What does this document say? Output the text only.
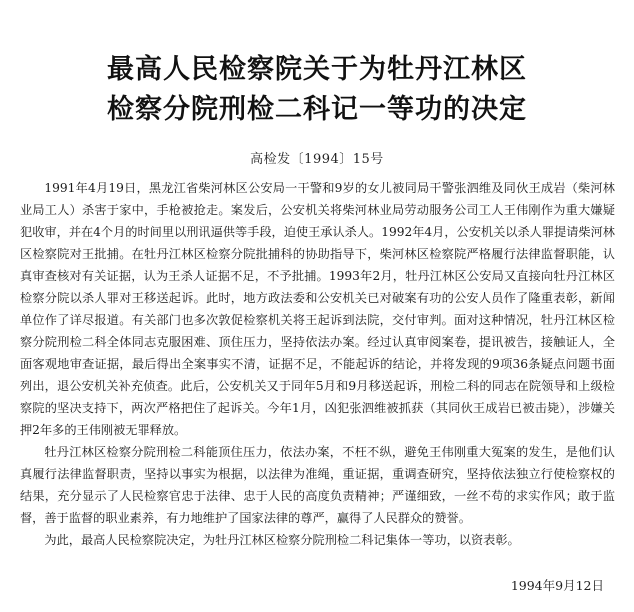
最高人民检察院关于为牡丹江林区
检察分院刑检二科记一等功的决定
高检发〔1994〕15号

1991年4月19日，黑龙江省柴河林区公安局一干警和9岁的女儿被同局干警张泗维及同伙王成岩（柴河林业局工人）杀害于家中，手枪被抢走。案发后，公安机关将柴河林业局劳动服务公司工人王伟刚作为重大嫌疑犯收审，并在4个月的时间里以刑讯逼供等手段，迫使王承认杀人。1992年4月，公安机关以杀人罪提请柴河林区检察院对王批捕。在牡丹江林区检察分院批捕科的协助指导下，柴河林区检察院严格履行法律监督职能，认真审查核对有关证据，认为王杀人证据不足，不予批捕。1993年2月，牡丹江林区公安局又直接向牡丹江林区检察分院以杀人罪对王移送起诉。此时，地方政法委和公安机关已对破案有功的公安人员作了隆重表彰，新闻单位作了详尽报道。有关部门也多次敦促检察机关将王起诉到法院，交付审判。面对这种情况，牡丹江林区检察分院刑检二科全体同志克服困难、顶住压力，坚持依法办案。经过认真审阅案卷，提讯被告，接触证人，全面客观地审查证据，最后得出全案事实不清，证据不足，不能起诉的结论，并将发现的9项36条疑点问题书面列出，退公安机关补充侦查。此后，公安机关又于同年5月和9月移送起诉，刑检二科的同志在院领导和上级检察院的坚决支持下，两次严格把住了起诉关。今年1月，凶犯张泗维被抓获（其同伙王成岩已被击毙），涉嫌关押2年多的王伟刚被无罪释放。

牡丹江林区检察分院刑检二科能顶住压力，依法办案，不枉不纵，避免王伟刚重大冤案的发生，是他们认真履行法律监督职责，坚持以事实为根据，以法律为准绳，重证据，重调查研究，坚持依法独立行使检察权的结果，充分显示了人民检察官忠于法律、忠于人民的高度负责精神；严谨细致，一丝不苟的求实作风；敢于监督，善于监督的职业素养，有力地维护了国家法律的尊严，赢得了人民群众的赞誉。

为此，最高人民检察院决定，为牡丹江林区检察分院刑检二科记集体一等功，以资表彰。

1994年9月12日
